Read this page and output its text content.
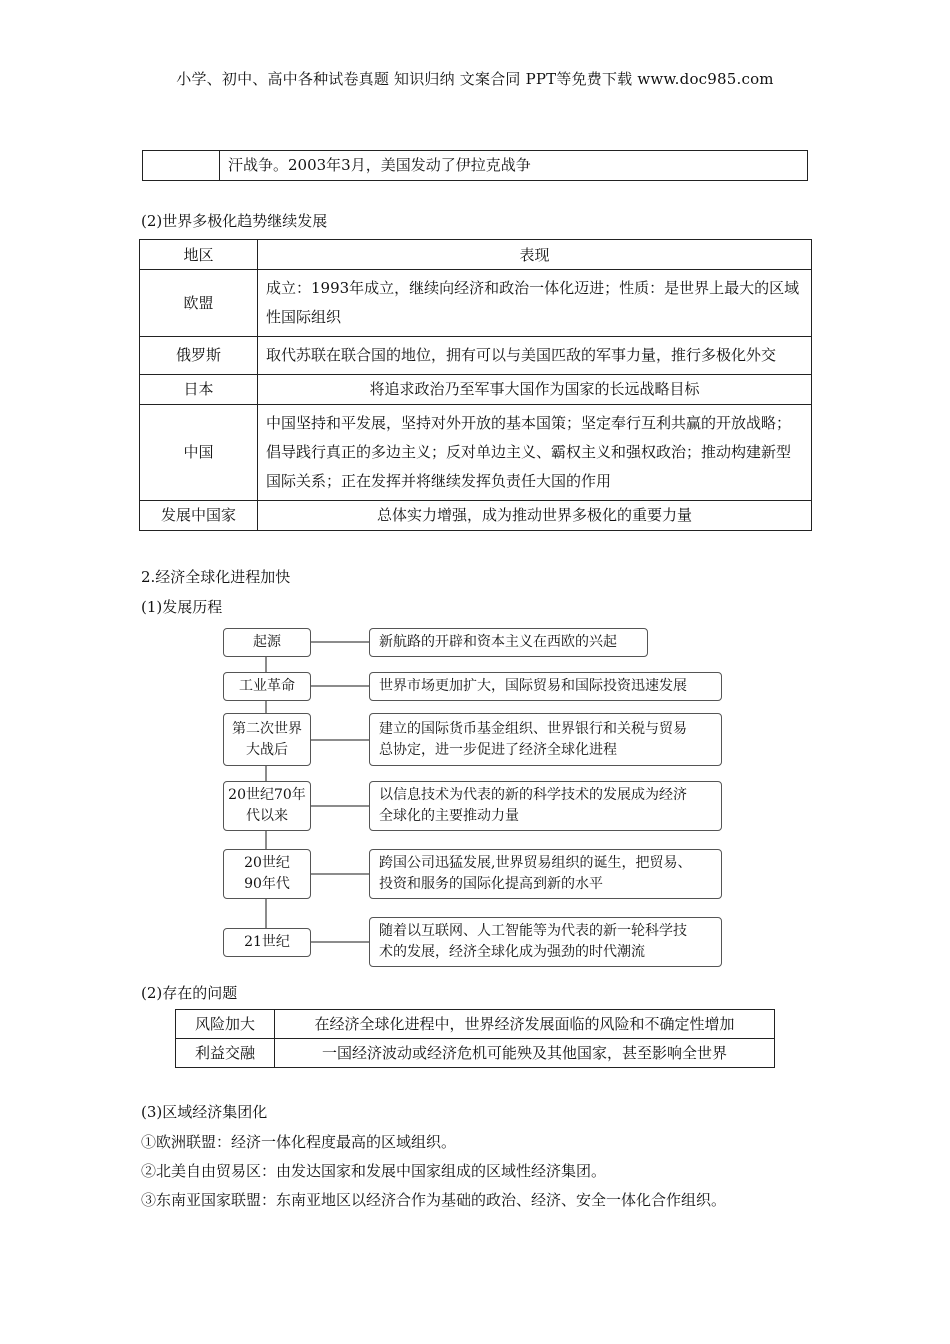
小学、初中、高中各种试卷真题 知识归纳 文案合同 PPT等免费下载 www.doc985.com
	汗战争。2003年3月，美国发动了伊拉克战争
(2)世界多极化趋势继续发展
地区	表现
欧盟	成立：1993年成立，继续向经济和政治一体化迈进；性质：是世界上最大的区域性国际组织
俄罗斯	取代苏联在联合国的地位，拥有可以与美国匹敌的军事力量，推行多极化外交
日本	将追求政治乃至军事大国作为国家的长远战略目标
中国	中国坚持和平发展，坚持对外开放的基本国策；坚定奉行互利共赢的开放战略；倡导践行真正的多边主义；反对单边主义、霸权主义和强权政治；推动构建新型国际关系；正在发挥并将继续发挥负责任大国的作用
发展中国家	总体实力增强，成为推动世界多极化的重要力量
2.经济全球化进程加快
(1)发展历程
起源
工业革命
第二次世界
大战后
20世纪70年
代以来
20世纪
90年代
21世纪
新航路的开辟和资本主义在西欧的兴起
世界市场更加扩大，国际贸易和国际投资迅速发展
建立的国际货币基金组织、世界银行和关税与贸易
总协定，进一步促进了经济全球化进程
以信息技术为代表的新的科学技术的发展成为经济
全球化的主要推动力量
跨国公司迅猛发展,世界贸易组织的诞生，把贸易、
投资和服务的国际化提高到新的水平
随着以互联网、人工智能等为代表的新一轮科学技
术的发展，经济全球化成为强劲的时代潮流
(2)存在的问题
风险加大	在经济全球化进程中，世界经济发展面临的风险和不确定性增加
利益交融	一国经济波动或经济危机可能殃及其他国家，甚至影响全世界
(3)区域经济集团化
①欧洲联盟：经济一体化程度最高的区域组织。
②北美自由贸易区：由发达国家和发展中国家组成的区域性经济集团。
③东南亚国家联盟：东南亚地区以经济合作为基础的政治、经济、安全一体化合作组织。
